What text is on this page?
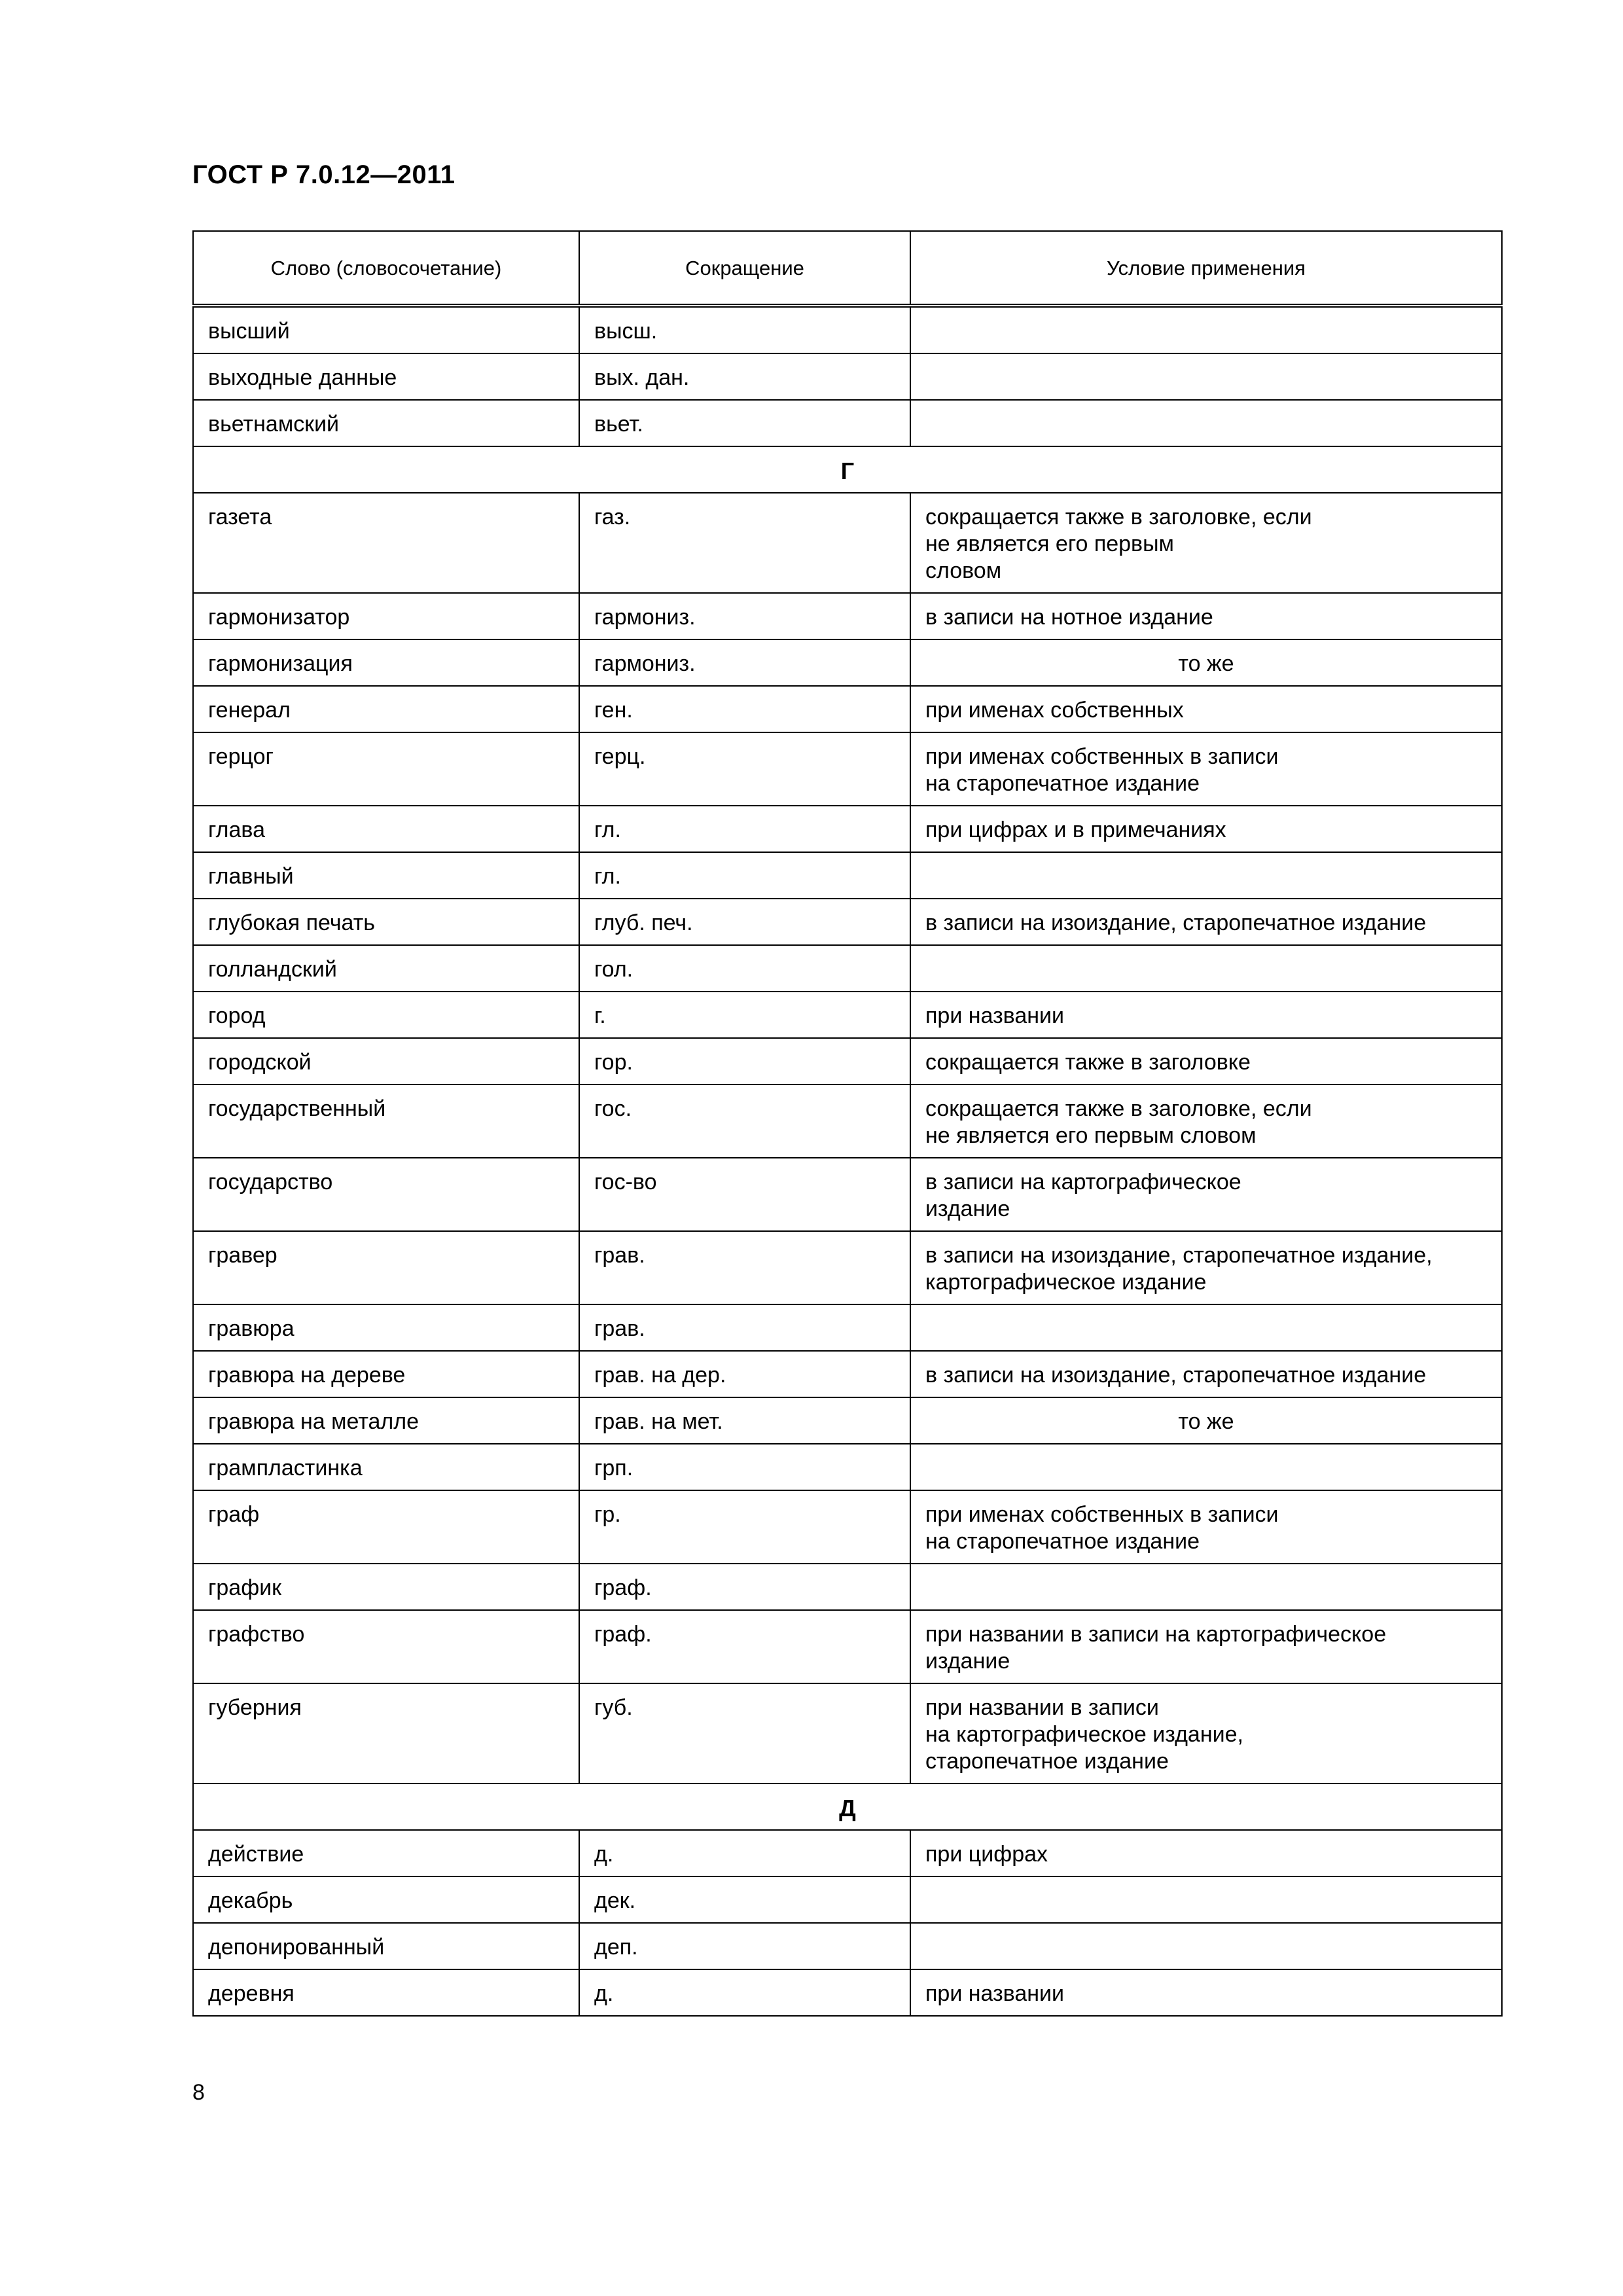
ГОСТ Р 7.0.12—2011
Слово (словосочетание)	Сокращение	Условие применения
высший	высш.	
выходные данные	вых. дан.	
вьетнамский	вьет.	
Г		
газета	газ.	сокращается также в заголовке, если
не является его первым
словом
гармонизатор	гармониз.	в записи на нотное издание
гармонизация	гармониз.	то же
генерал	ген.	при именах собственных
герцог	герц.	при именах собственных в записи
на старопечатное издание
глава	гл.	при цифрах и в примечаниях
главный	гл.	
глубокая печать	глуб. печ.	в записи на изоиздание, старопечатное издание
голландский	гол.	
город	г.	при названии
городской	гор.	сокращается также в заголовке
государственный	гос.	сокращается также в заголовке, если
не является его первым словом
государство	гос-во	в записи на картографическое
издание
гравер	грав.	в записи на изоиздание, старопечатное издание,
картографическое издание
гравюра	грав.	
гравюра на дереве	грав. на дер.	в записи на изоиздание, старопечатное издание
гравюра на металле	грав. на мет.	то же
грампластинка	грп.	
граф	гр.	при именах собственных в записи
на старопечатное издание
график	граф.	
графство	граф.	при названии в записи на картографическое
издание
губерния	губ.	при названии в записи
на картографическое издание,
старопечатное издание
Д		
действие	д.	при цифрах
декабрь	дек.	
депонированный	деп.	
деревня	д.	при названии
8
